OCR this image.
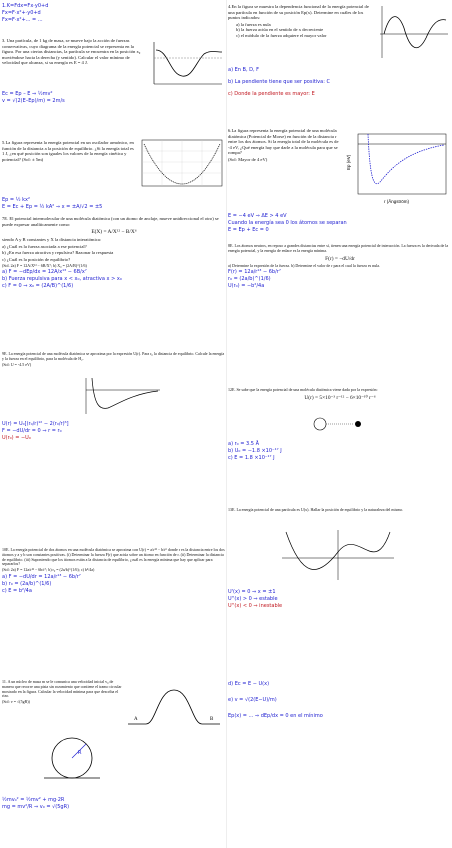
1.K=Fdx=Fx·y0+d
Fx=F·x²+·y0+d
Fx=F·x²+... = ...

3. Una partícula, de 1 kg de masa, se mueve bajo la acción de fuerzas conservativas, cuyo diagrama de la energía potencial se representa en la figura. Por una ciertas distancias, la partícula se encuentra en la posición x₀ moviéndose hacia la derecha (y sentido). Calcular el valor mínimo de velocidad que alcanza, si su energía es E = 4 J.

Ec = Ep – E ⇒ ½mv²
v = √(2(E–Ep)/m) = 2m/s

5.La figura representa la energía potencial en un oscilador armónico, en función de la distancia a la posición de equilibrio. ¿Si la energía total es 1 J, ¿en qué posición son iguales los valores de la energía cinética y potencial? (Sol: ± 5m)

Ep = ½ kx²
E = Ec + Ep = ½ kA² ⇒ x = ±A/√2 = ±5

7E. El potencial intermolecular de una molécula diatómica (con un átomo de anclaje, mueve unidireccional el otro) se puede expresar analíticamente como:

E(X) = A/X¹² − B/X⁶

siendo A y B constantes y X la distancia interatómica:

a) ¿Cuál es la fuerza asociada a ese potencial?

b) ¿En esa fuerza atractiva y repulsiva? Razonar la respuesta

c) ¿Cuál es la posición de equilibrio?

(Sol. 2a) F = 12A/X¹³ − 6B/X⁷; b) X₀ = (2A/B)^(1/6)

a) F = −dEp/dx = 12A/x¹³ − 6B/x⁷
b) Fuerza repulsiva para x < x₀, atractiva x > x₀
c) F = 0 ⇒ x₀ = (2A/B)^(1/6)

9E. La energía potencial de una molécula diatómica se aproxima por la expresión U(r). Para r₀ la distancia de equilibrio. Calcule la energía y la fuerza en el equilibrio, para la molécula de H₂.

(Sol: U = -4.5 eV)

U(r) = U₀[(r₀/r)¹² − 2(r₀/r)⁶]
F = −dU/dr = 0 ⇒ r = r₀
U(r₀) = −U₀

10E. La energía potencial de dos átomos en una molécula diatómica se aproxima con U(r) = a/r¹² − b/r⁶ donde r es la distancia entre los dos átomos y a y b son constantes positivas. (i) Determinar la fuerza F(r) que actúa sobre un átomo en función de r. (ii) Determinar la distancia de equilibrio. (iii) Suponiendo que los átomos están a la distancia de equilibrio, ¿cuál es la energía mínima que hay que aplicar para separarlos?

(Sol: 2a) F = 12a/r¹³ − 6b/r⁷; b) r₀ = (2a/b)^(1/6); c) b²/4a)

a) F = −dU/dr = 12a/r¹³ − 6b/r⁷
b) r₀ = (2a/b)^(1/6)
c) E = b²/4a

11. A un núcleo de masa m se le comunica una velocidad inicial v₀ de manera que recorre una pista sin rozamiento que contiene el tramo circular mostrado en la figura. Calcular la velocidad mínima para que describa el rizo.

(Sol: v = √(5gR))

A	B
R
½mv₀² = ½mv² + mg·2R
mg = mv²/R ⇒ v₀ = √(5gR)

4.En la figura se muestra la dependencia funcional de la energía potencial de una partícula en función de su posición Ep(x). Determine en cuáles de los puntos indicados:

a) la fuerza es nula
b) la fuerza actúa en el sentido de x decreciente
c) el módulo de la fuerza adquiere el mayor valor
a) En B, D, F
b) La pendiente tiene que ser positiva: C
c) Donde la pendiente es mayor: E

6.La figura representa la energía potencial de una molécula diatómica (Potencial de Morse) en función de la distancia r entre los dos átomos. Si la energía total de la molécula es de -4 eV, ¿Qué energía hay que darle a la molécula para que se rompa?

(Sol: Mayor de 4 eV)

r (Ångström)
Ep (eV)
E = −4 eV ⇒ ΔE > 4 eV
Cuando la energía sea 0 los átomos se separan
E = Ep + Ec = 0

8E. Los átomos neutros, en reposo a grandes distancias entre sí, tienen una energía potencial de interacción. La fuerza es la derivada de la energía potencial, y la energía de enlace es la energía mínima.

F(r) = −dU/dr

a) Determine la expresión de la fuerza. b) Determine el valor de r para el cual la fuerza es nula.

F(r) = 12a/r¹³ − 6b/r⁷
r₀ = (2a/b)^(1/6)
U(r₀) = −b²/4a

12E. Se sabe que la energía potencial de una molécula diatómica viene dada por la expresión:

U(r) = 5×10⁻³ r⁻¹² − 6×10⁻¹⁰ r⁻⁶
a) r₀ = 3.5 Å
b) U₀ = −1.8 ×10⁻¹⁷ J
c) E = 1.8 ×10⁻¹⁷ J

13E. La energía potencial de una partícula es U(x). Hallar la posición de equilibrio y la naturaleza del mismo.

U'(x) = 0 ⇒ x = ±1
U''(x) > 0 ⇒ estable
U''(x) < 0 ⇒ inestable
d) Ec = E − U(x)
e) v = √(2(E−U)/m)
Ep(x) = ... ⇒ dEp/dx = 0 en el mínimo
